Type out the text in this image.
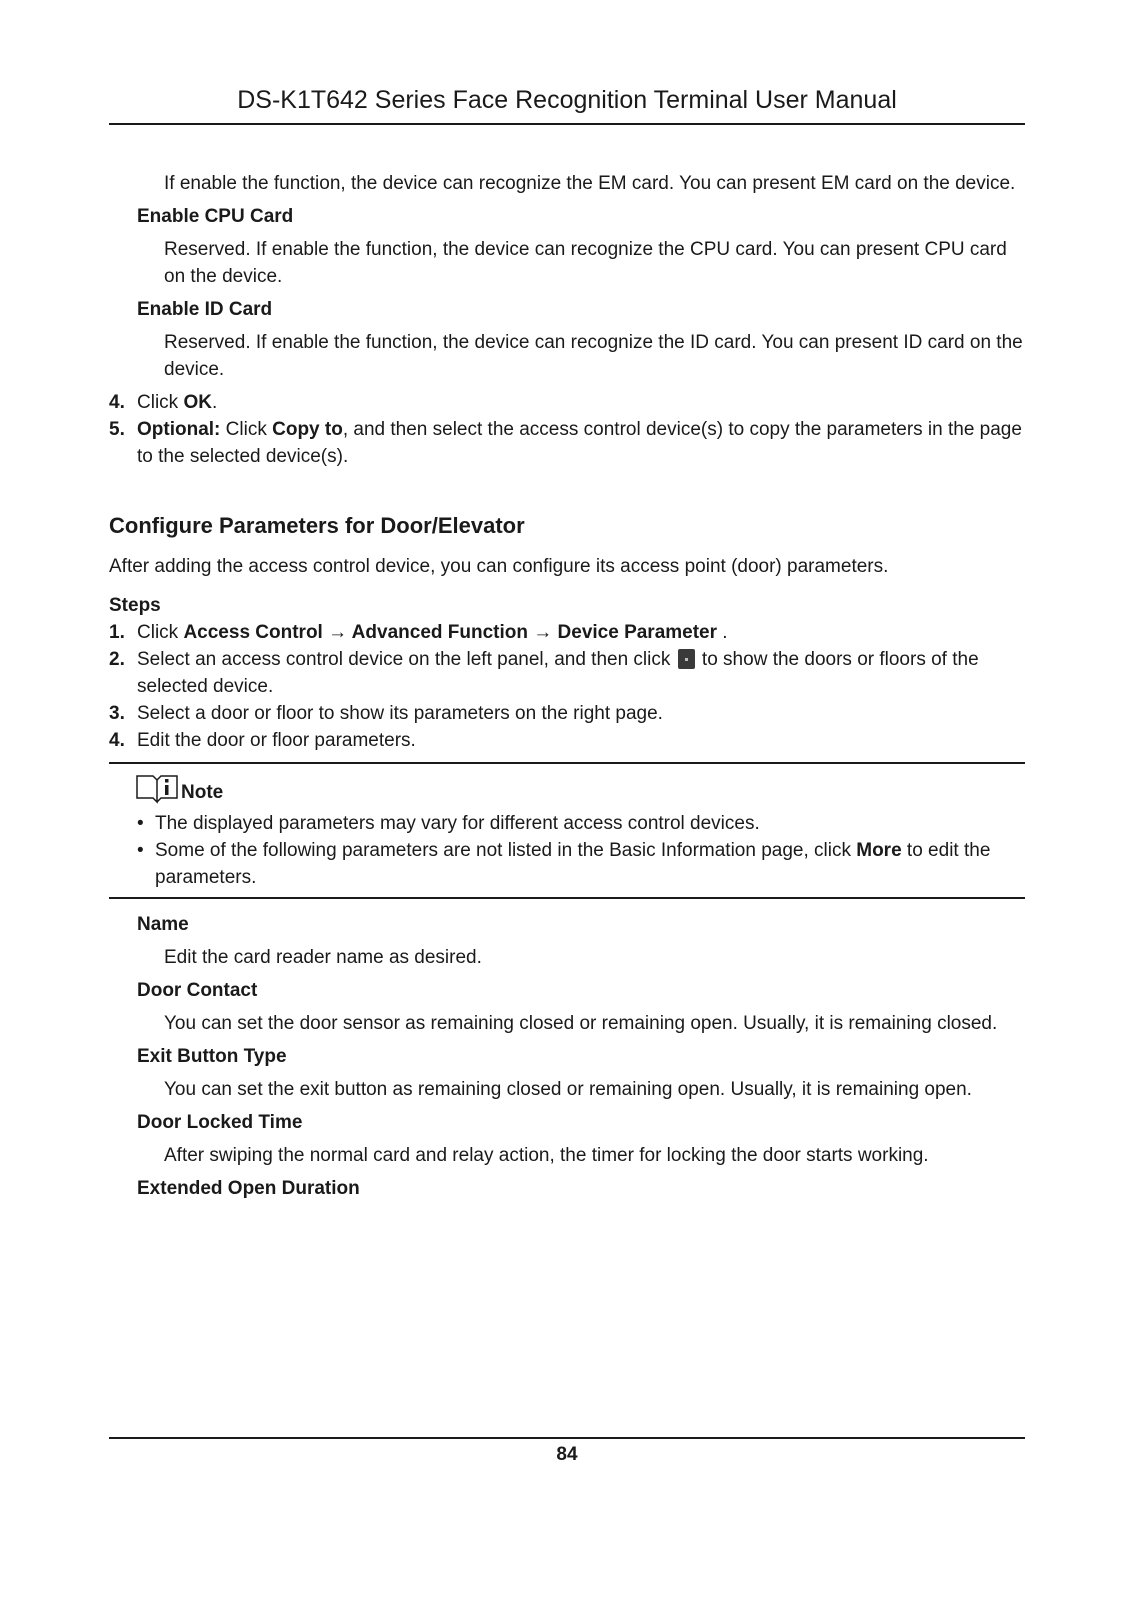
DS-K1T642 Series Face Recognition Terminal User Manual

If enable the function, the device can recognize the EM card. You can present EM card on the device.

Enable CPU Card

Reserved. If enable the function, the device can recognize the CPU card. You can present CPU card on the device.

Enable ID Card

Reserved. If enable the function, the device can recognize the ID card. You can present ID card on the device.

4. Click OK.
5. Optional: Click Copy to, and then select the access control device(s) to copy the parameters in the page to the selected device(s).

Configure Parameters for Door/Elevator

After adding the access control device, you can configure its access point (door) parameters.

Steps

1. Click Access Control → Advanced Function → Device Parameter .
2. Select an access control device on the left panel, and then click  to show the doors or floors of the selected device.
3. Select a door or floor to show its parameters on the right page.
4. Edit the door or floor parameters.
Note
• The displayed parameters may vary for different access control devices.
• Some of the following parameters are not listed in the Basic Information page, click More to edit the parameters.

Name

Edit the card reader name as desired.

Door Contact

You can set the door sensor as remaining closed or remaining open. Usually, it is remaining closed.

Exit Button Type

You can set the exit button as remaining closed or remaining open. Usually, it is remaining open.

Door Locked Time

After swiping the normal card and relay action, the timer for locking the door starts working.

Extended Open Duration

84
